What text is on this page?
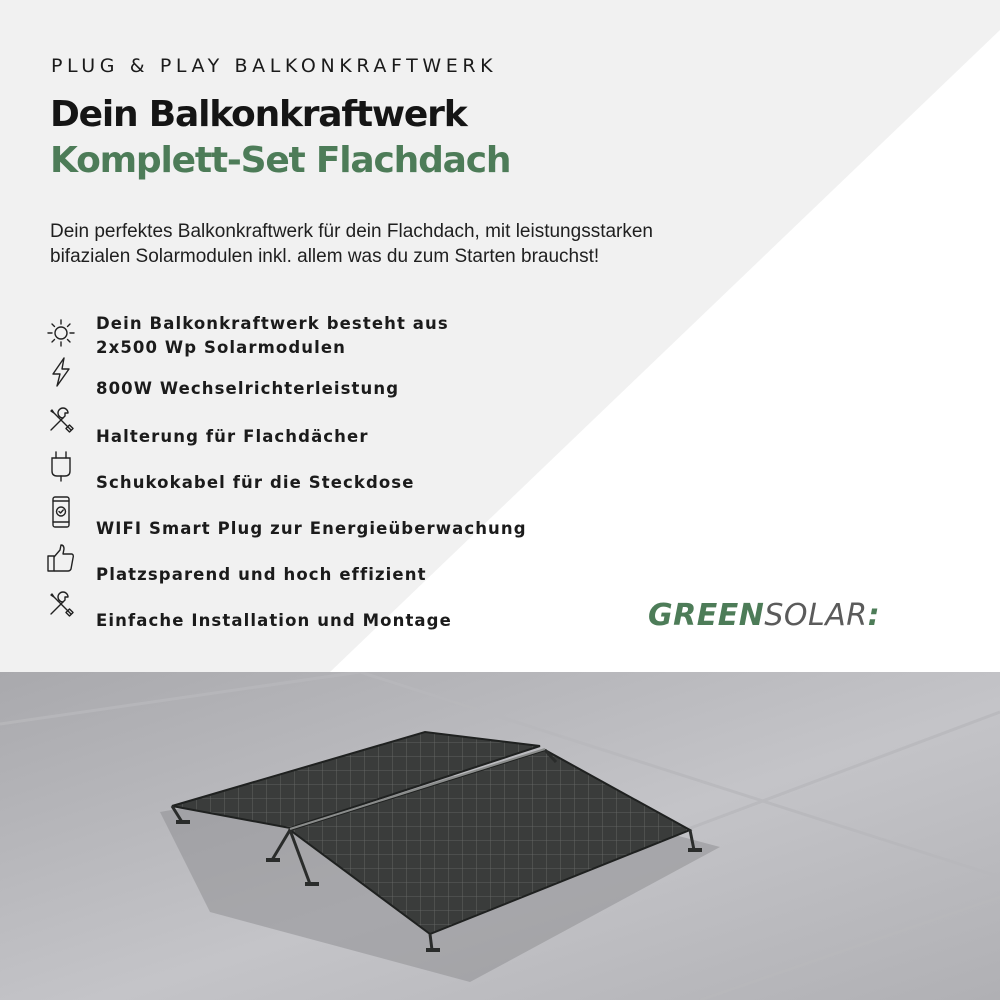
PLUG & PLAY BALKONKRAFTWERK

Dein Balkonkraftwerk
Komplett-Set Flachdach

Dein perfektes Balkonkraftwerk für dein Flachdach, mit leistungsstarken
bifazialen Solarmodulen inkl. allem was du zum Starten brauchst!

Dein Balkonkraftwerk besteht aus
2x500 Wp Solarmodulen
800W Wechselrichterleistung
Halterung für Flachdächer
Schukokabel für die Steckdose
WIFI Smart Plug zur Energieüberwachung
Platzsparend und hoch effizient
Einfache Installation und Montage	GREENSOLAR:
